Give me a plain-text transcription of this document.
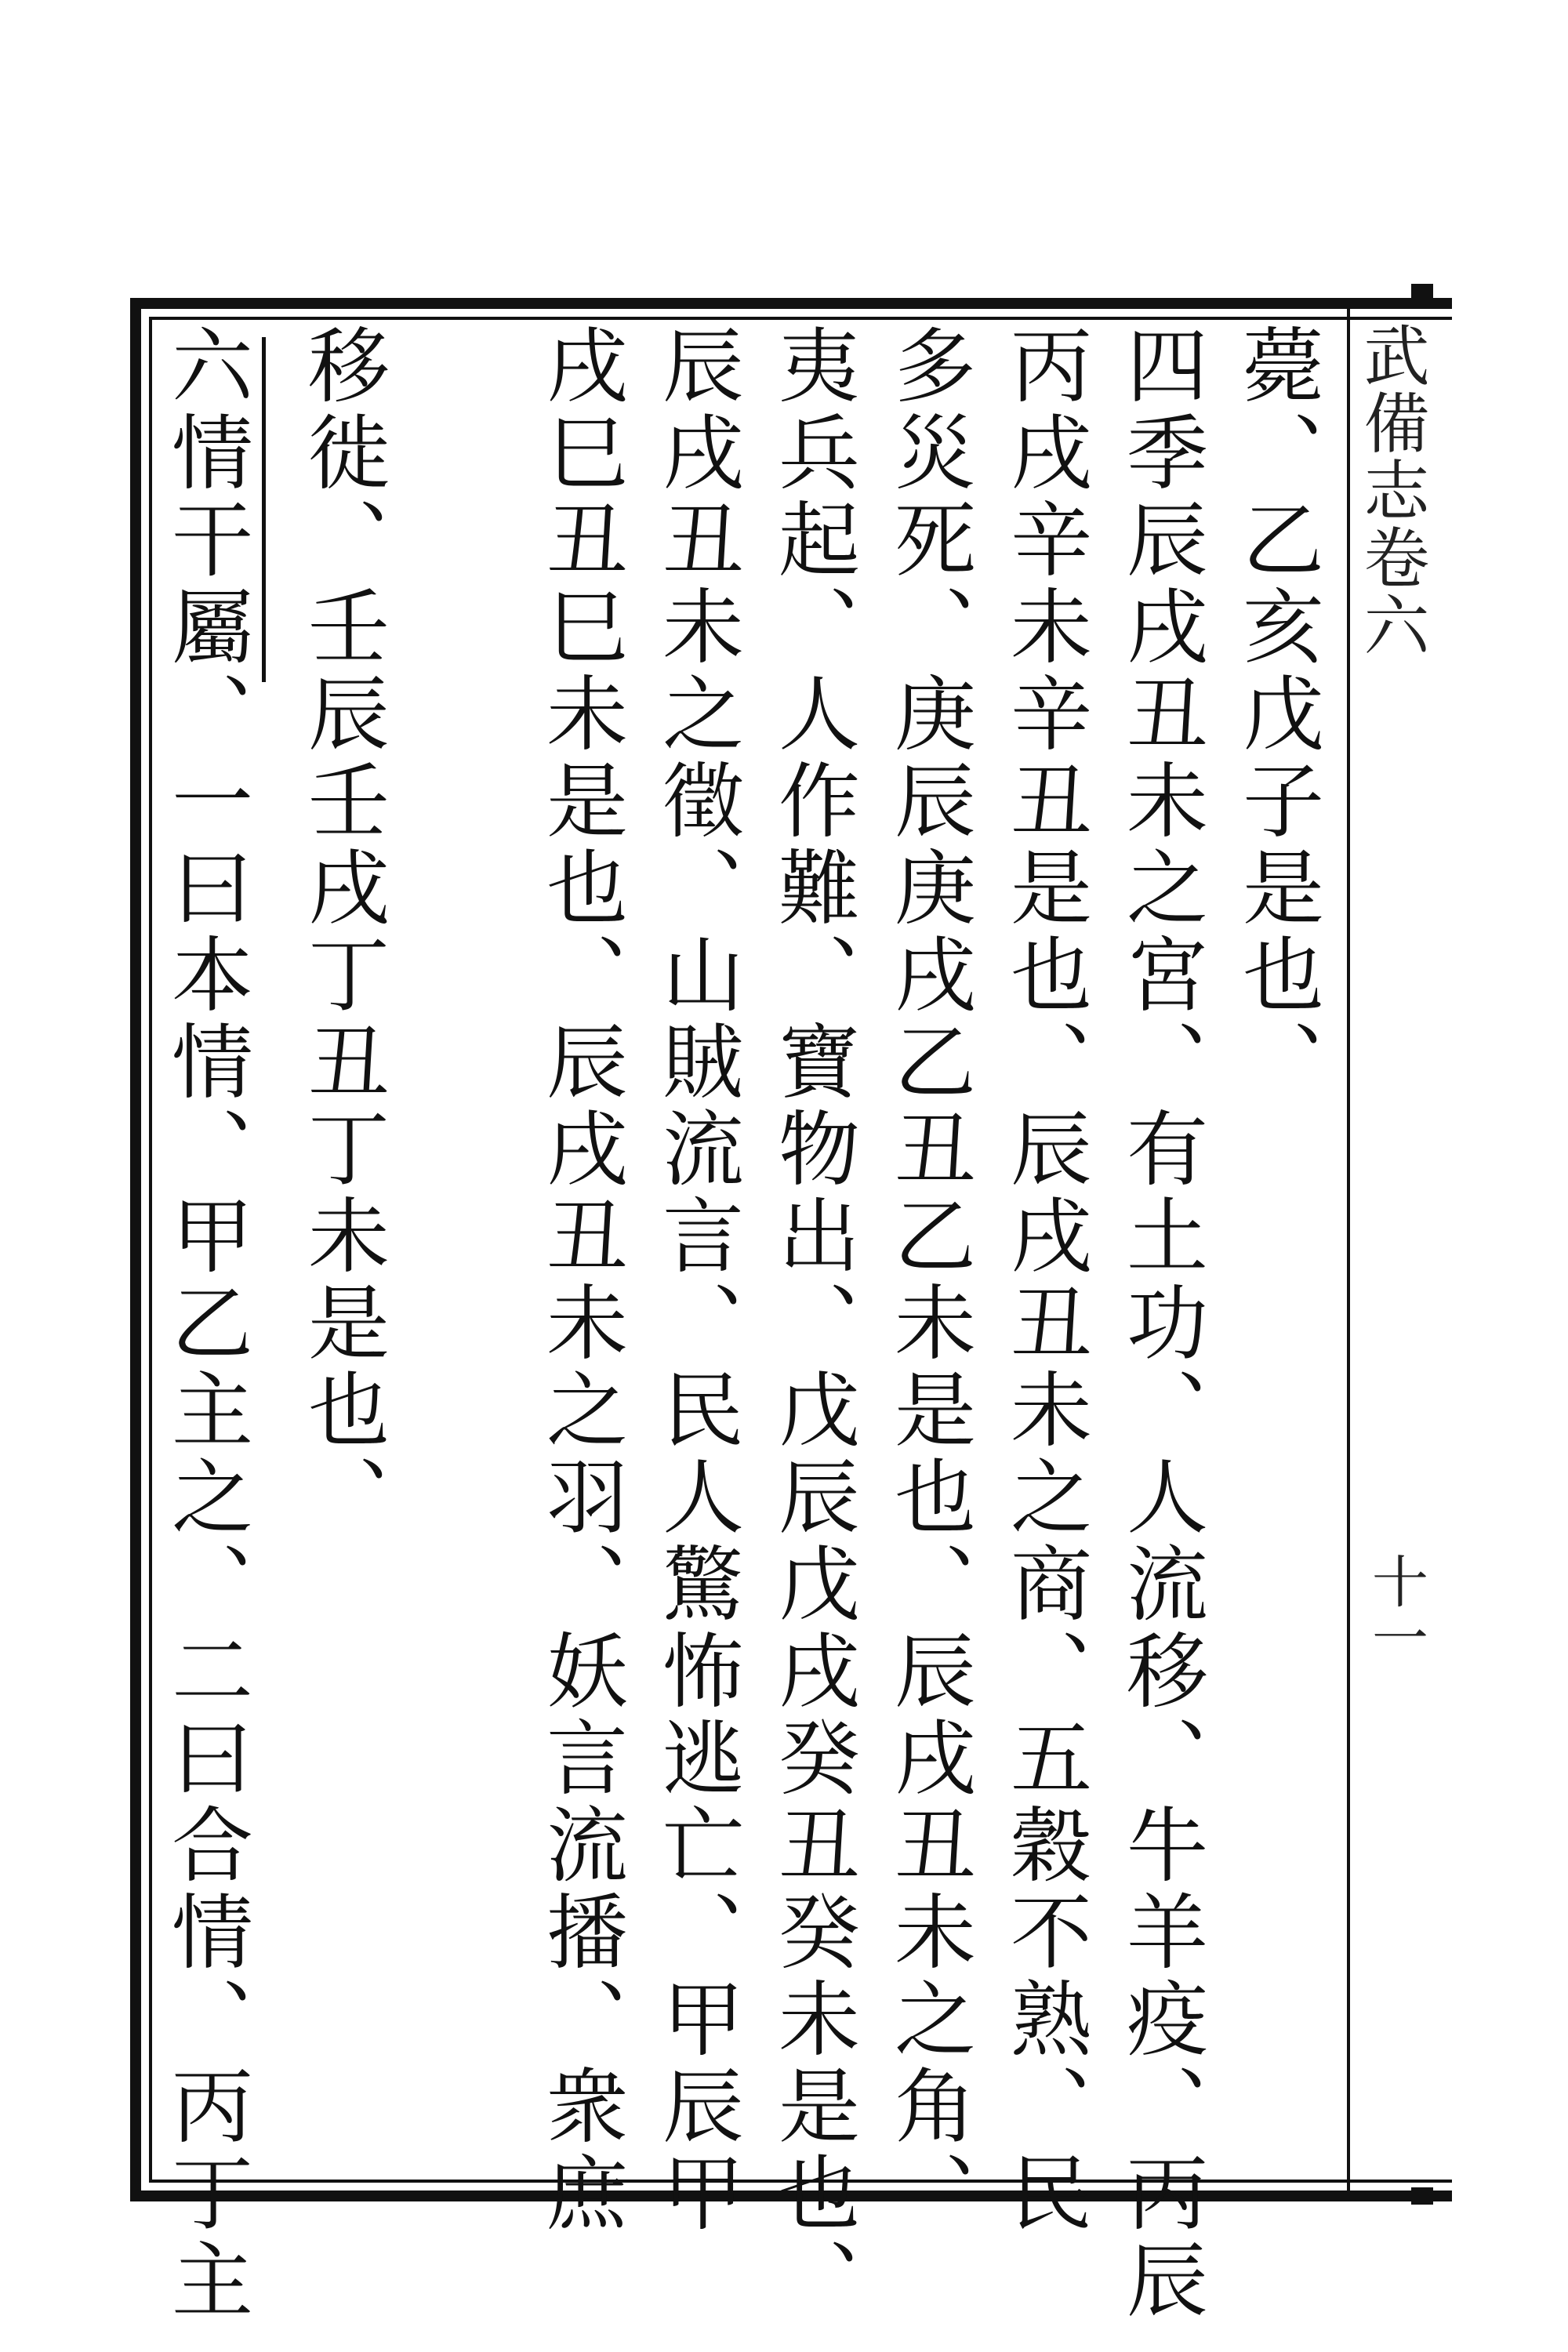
武備志卷六
十一
薨、乙亥戊子是也、
四季辰戌丑未之宮、有土功、人流移、牛羊疫、丙辰
丙戌辛未辛丑是也、辰戌丑未之商、五穀不熟、民
多災死、庚辰庚戌乙丑乙未是也、辰戌丑未之角、
夷兵起、人作難、寶物出、戊辰戊戌癸丑癸未是也、
辰戌丑未之徵、山賊流言、民人驚怖逃亡、甲辰甲
戌巳丑巳未是也、辰戌丑未之羽、妖言流播、衆庶
移徙、壬辰壬戌丁丑丁未是也、
六情干屬、一曰本情、甲乙主之、二曰合情、丙丁主
